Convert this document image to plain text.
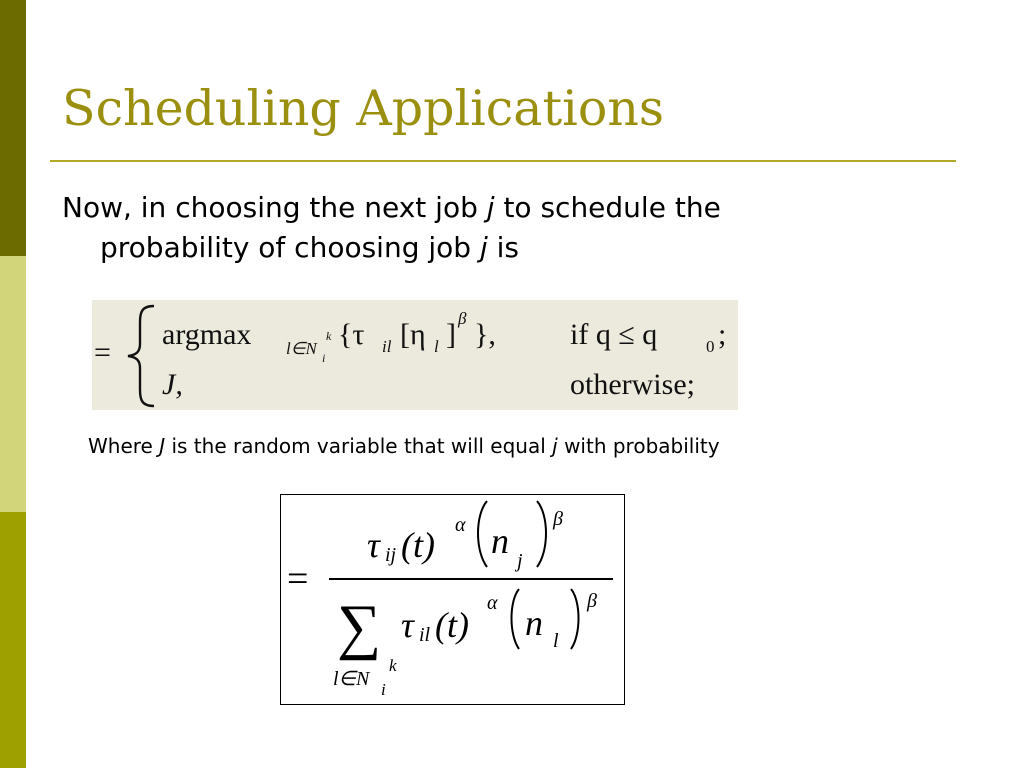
Scheduling Applications
Now, in choosing the next job j to schedule the
probability of choosing job j is
=
argmax l∈N i
k {τ il [η l ] β }, if q ≤ q	0 ;
J,	otherwise;
Where J is the random variable that will equal j with probability
=
τ ij (t) α n j
β
∑ τ il (t)
α n l
β
l∈N i
k
